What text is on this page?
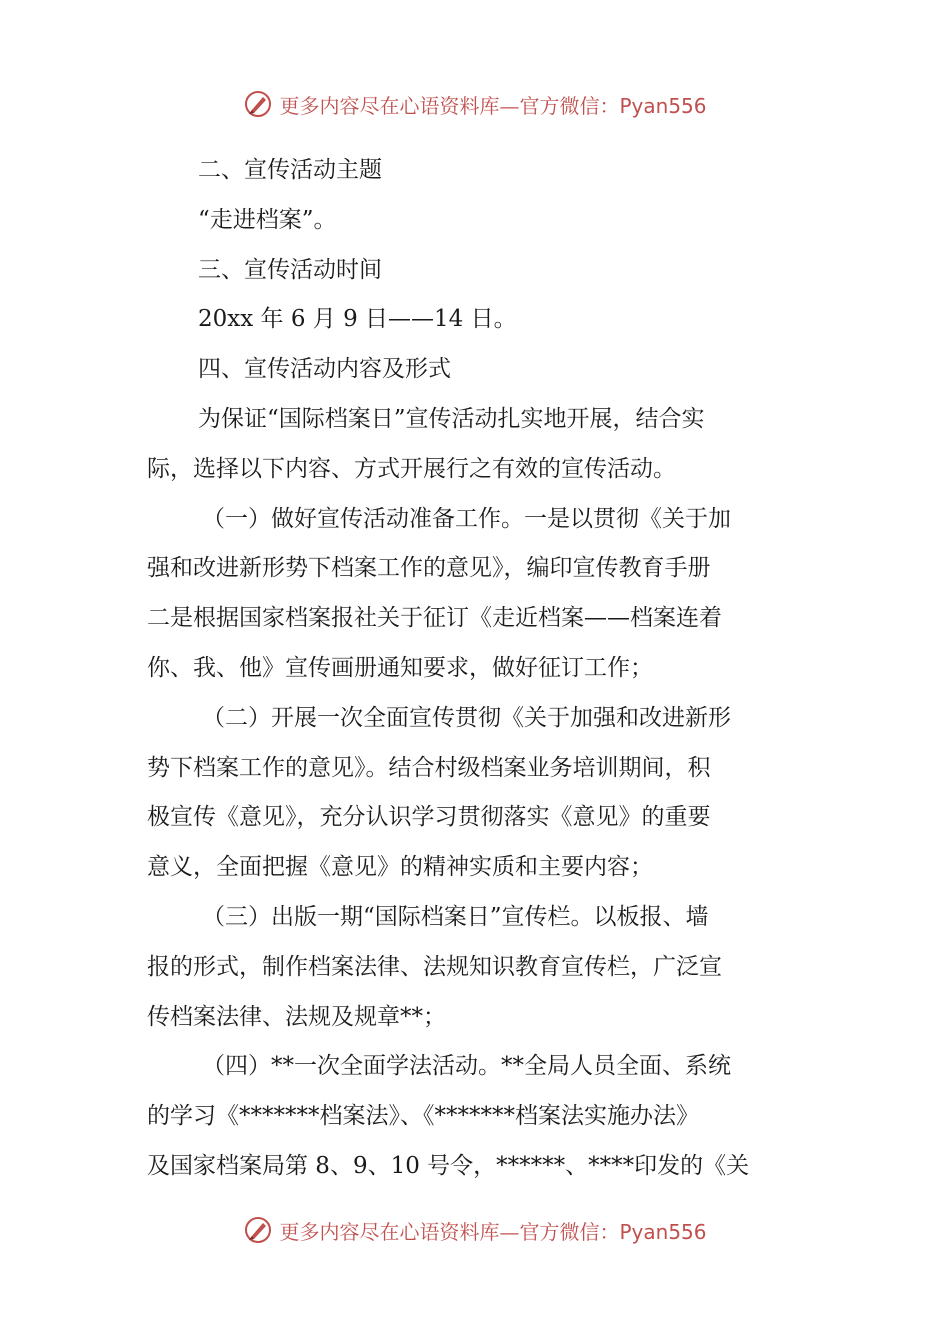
更多内容尽在心语资料库—官方微信：Pyan556
二、宣传活动主题
“走进档案”。
三、宣传活动时间
20xx 年 6 月 9 日——14 日。
四、宣传活动内容及形式
为保证“国际档案日”宣传活动扎实地开展，结合实
际，选择以下内容、方式开展行之有效的宣传活动。
（一）做好宣传活动准备工作。一是以贯彻《关于加
强和改进新形势下档案工作的意见》，编印宣传教育手册
二是根据国家档案报社关于征订《走近档案——档案连着
你、我、他》宣传画册通知要求，做好征订工作；
（二）开展一次全面宣传贯彻《关于加强和改进新形
势下档案工作的意见》。结合村级档案业务培训期间，积
极宣传《意见》，充分认识学习贯彻落实《意见》的重要
意义，全面把握《意见》的精神实质和主要内容；
（三）出版一期“国际档案日”宣传栏。以板报、墙
报的形式，制作档案法律、法规知识教育宣传栏，广泛宣
传档案法律、法规及规章**；
（四）**一次全面学法活动。**全局人员全面、系统
的学习《*******档案法》、《*******档案法实施办法》
及国家档案局第 8、9、10 号令，******、****印发的《关
更多内容尽在心语资料库—官方微信：Pyan556
